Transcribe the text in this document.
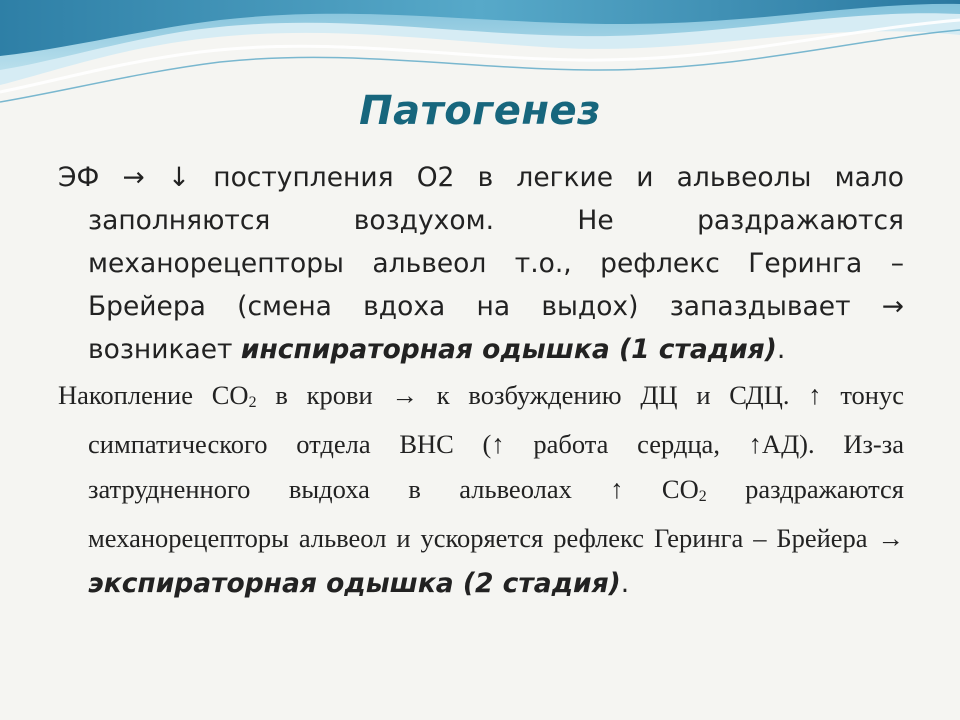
Патогенез

ЭФ → ↓ поступления О2 в легкие и альвеолы мало заполняются воздухом. Не раздражаются механорецепторы альвеол т.о., рефлекс Геринга – Брейера (смена вдоха на выдох) запаздывает → возникает инспираторная одышка (1 стадия).

Накопление СО2 в крови → к возбуждению ДЦ и СДЦ. ↑ тонус симпатического отдела ВНС (↑ работа сердца, ↑АД). Из-за затрудненного выдоха в альвеолах ↑ СО2 раздражаются механорецепторы альвеол и ускоряется рефлекс Геринга – Брейера → экспираторная одышка (2 стадия).
